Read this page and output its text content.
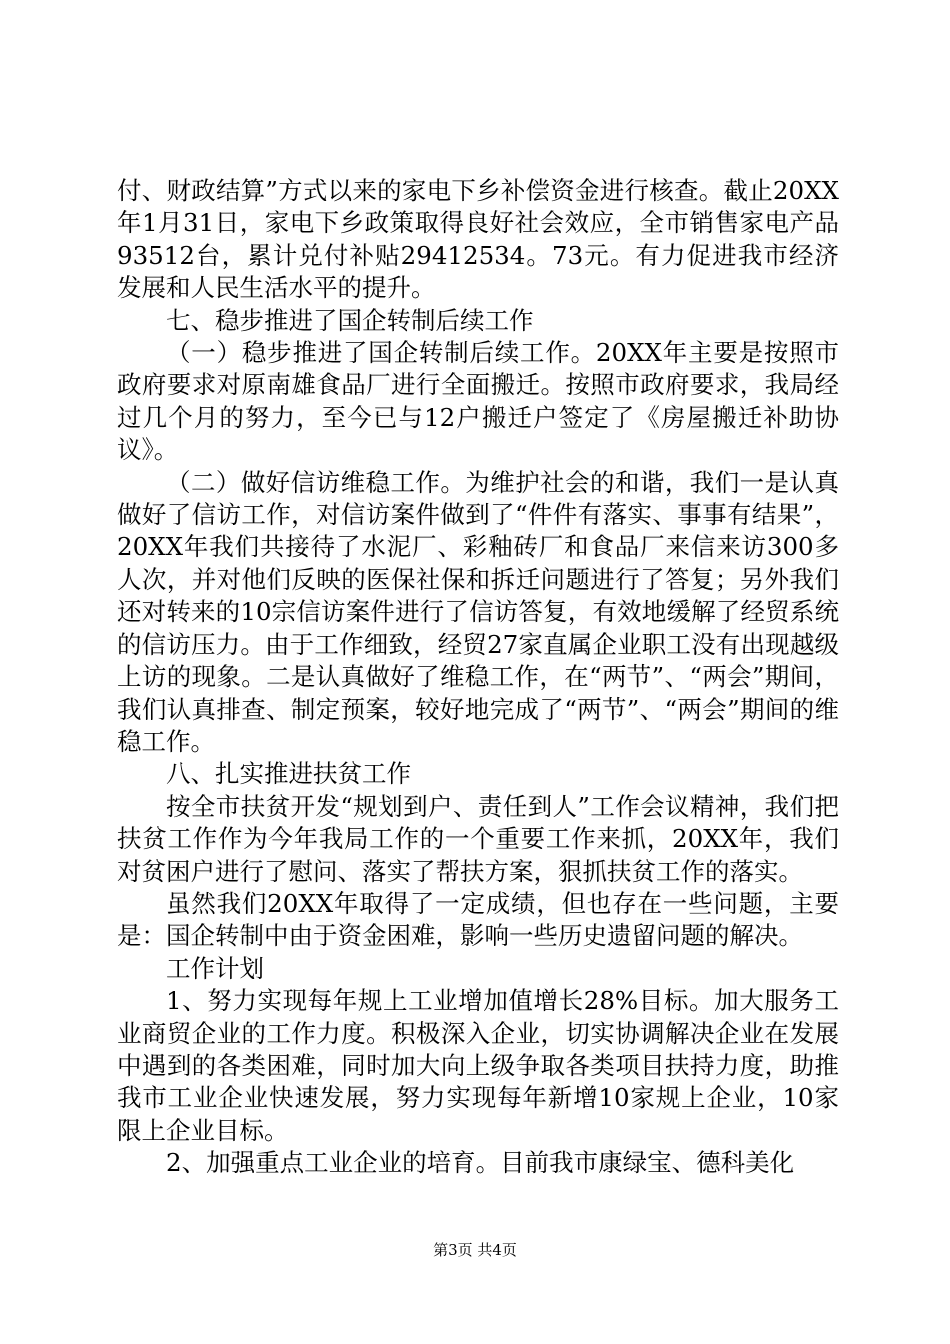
付、财政结算”方式以来的家电下乡补偿资金进行核查。截止20XX年1月31日，家电下乡政策取得良好社会效应，全市销售家电产品93512台，累计兑付补贴29412534。73元。有力促进我市经济发展和人民生活水平的提升。

七、稳步推进了国企转制后续工作

（一）稳步推进了国企转制后续工作。20XX年主要是按照市政府要求对原南雄食品厂进行全面搬迁。按照市政府要求，我局经过几个月的努力，至今已与12户搬迁户签定了《房屋搬迁补助协议》。

（二）做好信访维稳工作。为维护社会的和谐，我们一是认真做好了信访工作，对信访案件做到了“件件有落实、事事有结果”，20XX年我们共接待了水泥厂、彩釉砖厂和食品厂来信来访300多人次，并对他们反映的医保社保和拆迁问题进行了答复；另外我们还对转来的10宗信访案件进行了信访答复，有效地缓解了经贸系统的信访压力。由于工作细致，经贸27家直属企业职工没有出现越级上访的现象。二是认真做好了维稳工作，在“两节”、“两会”期间，我们认真排查、制定预案，较好地完成了“两节”、“两会”期间的维稳工作。

八、扎实推进扶贫工作

按全市扶贫开发“规划到户、责任到人”工作会议精神，我们把扶贫工作作为今年我局工作的一个重要工作来抓，20XX年，我们对贫困户进行了慰问、落实了帮扶方案，狠抓扶贫工作的落实。

虽然我们20XX年取得了一定成绩，但也存在一些问题，主要是：国企转制中由于资金困难，影响一些历史遗留问题的解决。

工作计划

1、努力实现每年规上工业增加值增长28%目标。加大服务工业商贸企业的工作力度。积极深入企业，切实协调解决企业在发展中遇到的各类困难，同时加大向上级争取各类项目扶持力度，助推我市工业企业快速发展，努力实现每年新增10家规上企业，10家限上企业目标。

2、加强重点工业企业的培育。目前我市康绿宝、德科美化

第3页 共4页
